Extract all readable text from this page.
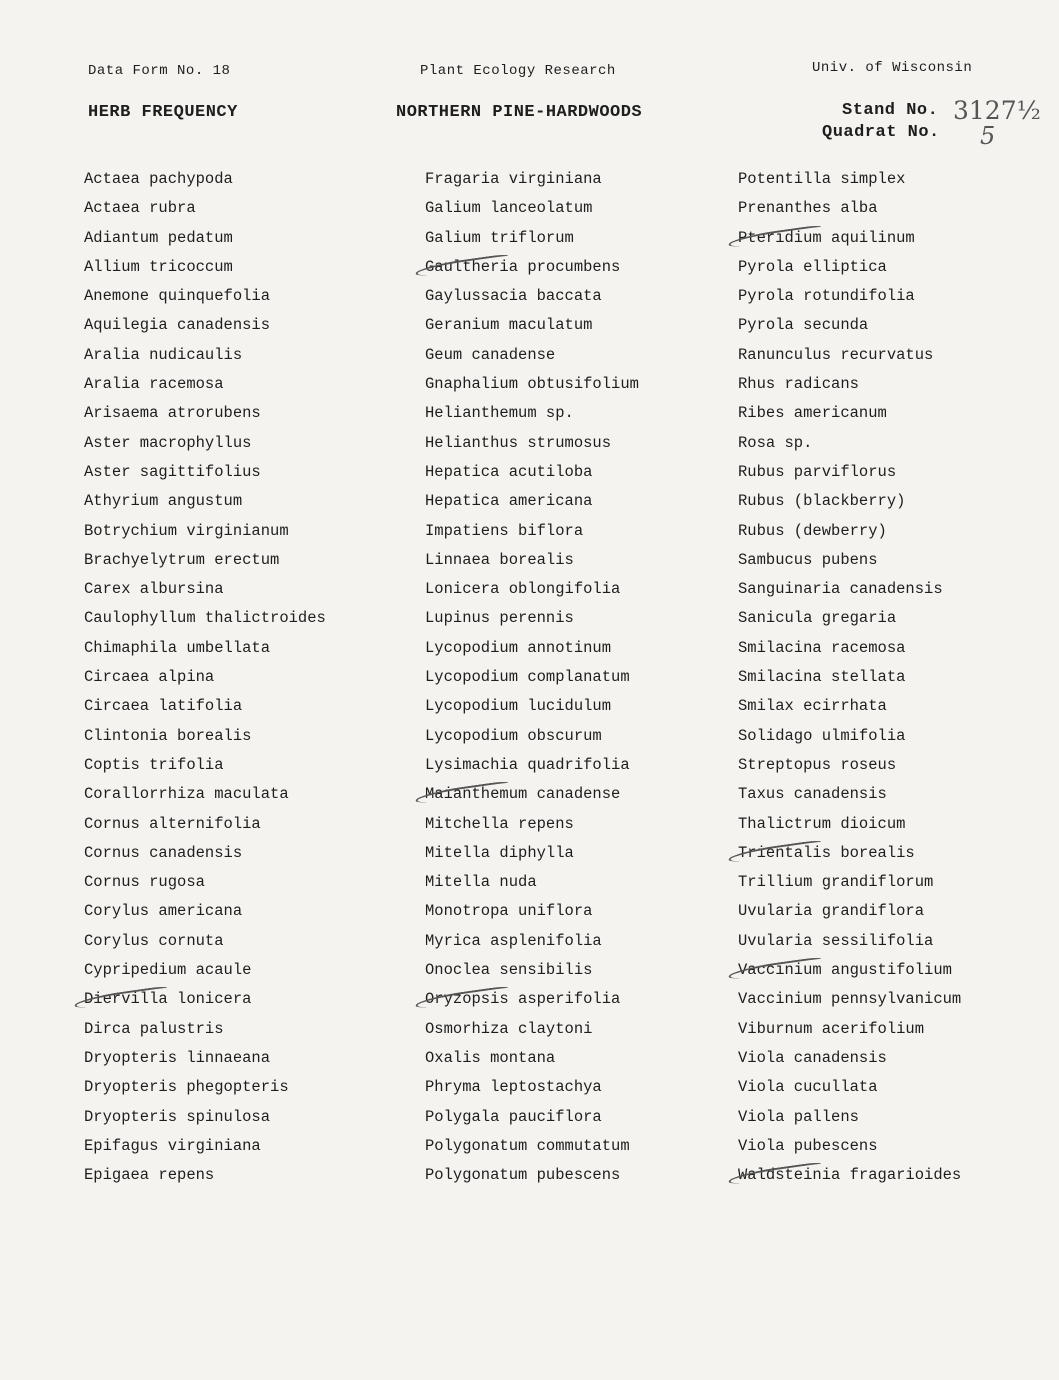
Data Form No. 18	Plant Ecology Research	Univ. of Wisconsin
HERB FREQUENCY	NORTHERN PINE-HARDWOODS	Stand No. 3127½
Quadrat No. 5
Actaea pachypoda
Actaea rubra
Adiantum pedatum
Allium tricoccum
Anemone quinquefolia
Aquilegia canadensis
Aralia nudicaulis
Aralia racemosa
Arisaema atrorubens
Aster macrophyllus
Aster sagittifolius
Athyrium angustum
Botrychium virginianum
Brachyelytrum erectum
Carex albursina
Caulophyllum thalictroides
Chimaphila umbellata
Circaea alpina
Circaea latifolia
Clintonia borealis
Coptis trifolia
Corallorrhiza maculata
Cornus alternifolia
Cornus canadensis
Cornus rugosa
Corylus americana
Corylus cornuta
Cypripedium acaule
Diervilla lonicera
Dirca palustris
Dryopteris linnaeana
Dryopteris phegopteris
Dryopteris spinulosa
Epifagus virginiana
Epigaea repens
Fragaria virginiana
Galium lanceolatum
Galium triflorum
Gaultheria procumbens
Gaylussacia baccata
Geranium maculatum
Geum canadense
Gnaphalium obtusifolium
Helianthemum sp.
Helianthus strumosus
Hepatica acutiloba
Hepatica americana
Impatiens biflora
Linnaea borealis
Lonicera oblongifolia
Lupinus perennis
Lycopodium annotinum
Lycopodium complanatum
Lycopodium lucidulum
Lycopodium obscurum
Lysimachia quadrifolia
Maianthemum canadense
Mitchella repens
Mitella diphylla
Mitella nuda
Monotropa uniflora
Myrica asplenifolia
Onoclea sensibilis
Oryzopsis asperifolia
Osmorhiza claytoni
Oxalis montana
Phryma leptostachya
Polygala pauciflora
Polygonatum commutatum
Polygonatum pubescens
Potentilla simplex
Prenanthes alba
Pteridium aquilinum
Pyrola elliptica
Pyrola rotundifolia
Pyrola secunda
Ranunculus recurvatus
Rhus radicans
Ribes americanum
Rosa sp.
Rubus parviflorus
Rubus (blackberry)
Rubus (dewberry)
Sambucus pubens
Sanguinaria canadensis
Sanicula gregaria
Smilacina racemosa
Smilacina stellata
Smilax ecirrhata
Solidago ulmifolia
Streptopus roseus
Taxus canadensis
Thalictrum dioicum
Trientalis borealis
Trillium grandiflorum
Uvularia grandiflora
Uvularia sessilifolia
Vaccinium angustifolium
Vaccinium pennsylvanicum
Viburnum acerifolium
Viola canadensis
Viola cucullata
Viola pallens
Viola pubescens
Waldsteinia fragarioides
